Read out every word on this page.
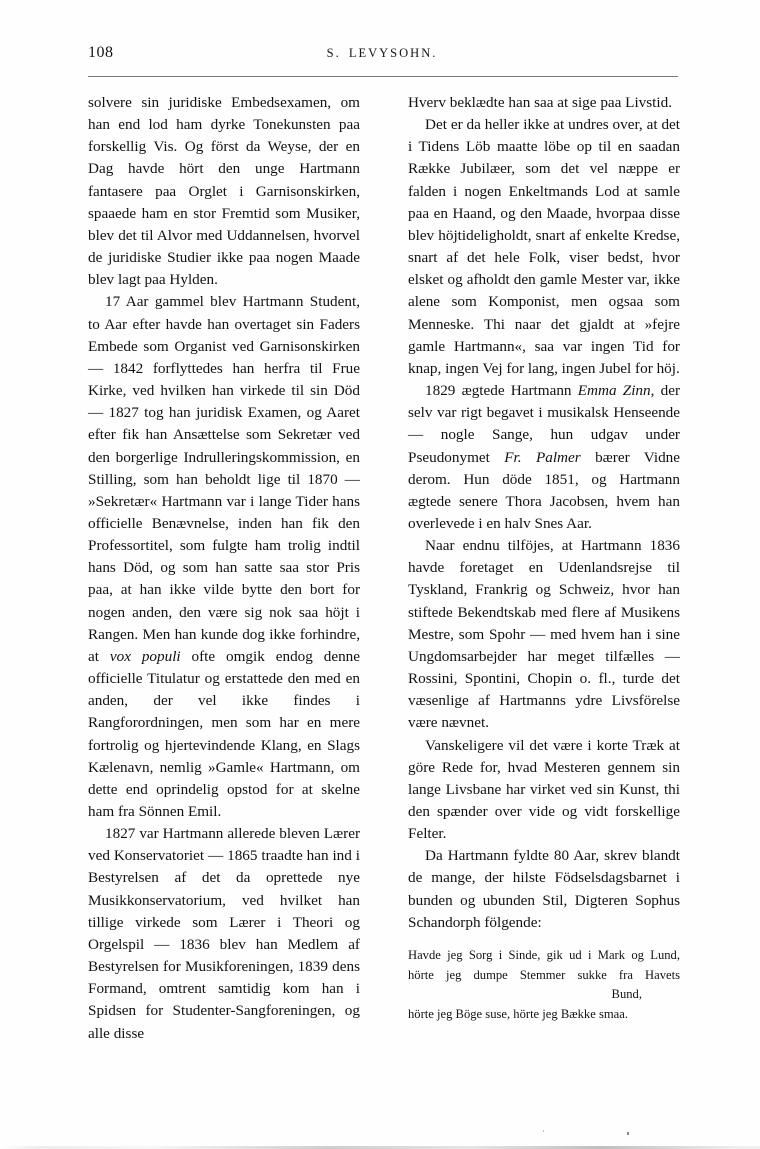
108	S. LEVYSOHN.

solvere sin juridiske Embedsexamen, om han end lod ham dyrke Tonekunsten paa forskellig Vis. Og först da Weyse, der en Dag havde hört den unge Hartmann fantasere paa Orglet i Garnisonskirken, spaaede ham en stor Fremtid som Musiker, blev det til Alvor med Uddannelsen, hvorvel de juridiske Studier ikke paa nogen Maade blev lagt paa Hylden.

17 Aar gammel blev Hartmann Student, to Aar efter havde han overtaget sin Faders Embede som Organist ved Garnisonskirken — 1842 forflyttedes han herfra til Frue Kirke, ved hvilken han virkede til sin Död — 1827 tog han juridisk Examen, og Aaret efter fik han Ansættelse som Sekretær ved den borgerlige Indrulleringskommission, en Stilling, som han beholdt lige til 1870 — »Sekretær« Hartmann var i lange Tider hans officielle Benævnelse, inden han fik den Professortitel, som fulgte ham trolig indtil hans Död, og som han satte saa stor Pris paa, at han ikke vilde bytte den bort for nogen anden, den være sig nok saa höjt i Rangen. Men han kunde dog ikke forhindre, at vox populi ofte omgik endog denne officielle Titulatur og erstattede den med en anden, der vel ikke findes i Rangforordningen, men som har en mere fortrolig og hjertevindende Klang, en Slags Kælenavn, nemlig »Gamle« Hartmann, om dette end oprindelig opstod for at skelne ham fra Sönnen Emil.

1827 var Hartmann allerede bleven Lærer ved Konservatoriet — 1865 traadte han ind i Bestyrelsen af det da oprettede nye Musikkonservatorium, ved hvilket han tillige virkede som Lærer i Theori og Orgelspil — 1836 blev han Medlem af Bestyrelsen for Musikforeningen, 1839 dens Formand, omtrent samtidig kom han i Spidsen for Studenter-Sangforeningen, og alle disse

Hverv beklædte han saa at sige paa Livstid.

Det er da heller ikke at undres over, at det i Tidens Löb maatte löbe op til en saadan Række Jubilæer, som det vel næppe er falden i nogen Enkeltmands Lod at samle paa en Haand, og den Maade, hvorpaa disse blev höjtideligholdt, snart af enkelte Kredse, snart af det hele Folk, viser bedst, hvor elsket og afholdt den gamle Mester var, ikke alene som Komponist, men ogsaa som Menneske. Thi naar det gjaldt at »fejre gamle Hartmann«, saa var ingen Tid for knap, ingen Vej for lang, ingen Jubel for höj.

1829 ægtede Hartmann Emma Zinn, der selv var rigt begavet i musikalsk Henseende — nogle Sange, hun udgav under Pseudonymet Fr. Palmer bærer Vidne derom. Hun döde 1851, og Hartmann ægtede senere Thora Jacobsen, hvem han overlevede i en halv Snes Aar.

Naar endnu tilföjes, at Hartmann 1836 havde foretaget en Udenlandsrejse til Tyskland, Frankrig og Schweiz, hvor han stiftede Bekendtskab med flere af Musikens Mestre, som Spohr — med hvem han i sine Ungdomsarbejder har meget tilfælles — Rossini, Spontini, Chopin o. fl., turde det væsenlige af Hartmanns ydre Livsförelse være nævnet.

Vanskeligere vil det være i korte Træk at göre Rede for, hvad Mesteren gennem sin lange Livsbane har virket ved sin Kunst, thi den spænder over vide og vidt forskellige Felter.

Da Hartmann fyldte 80 Aar, skrev blandt de mange, der hilste Födselsdagsbarnet i bunden og ubunden Stil, Digteren Sophus Schandorph fölgende:

Havde jeg Sorg i Sinde, gik ud i Mark og Lund,
hörte jeg dumpe Stemmer sukke fra Havets
Bund,
hörte jeg Böge suse, hörte jeg Bække smaa.
